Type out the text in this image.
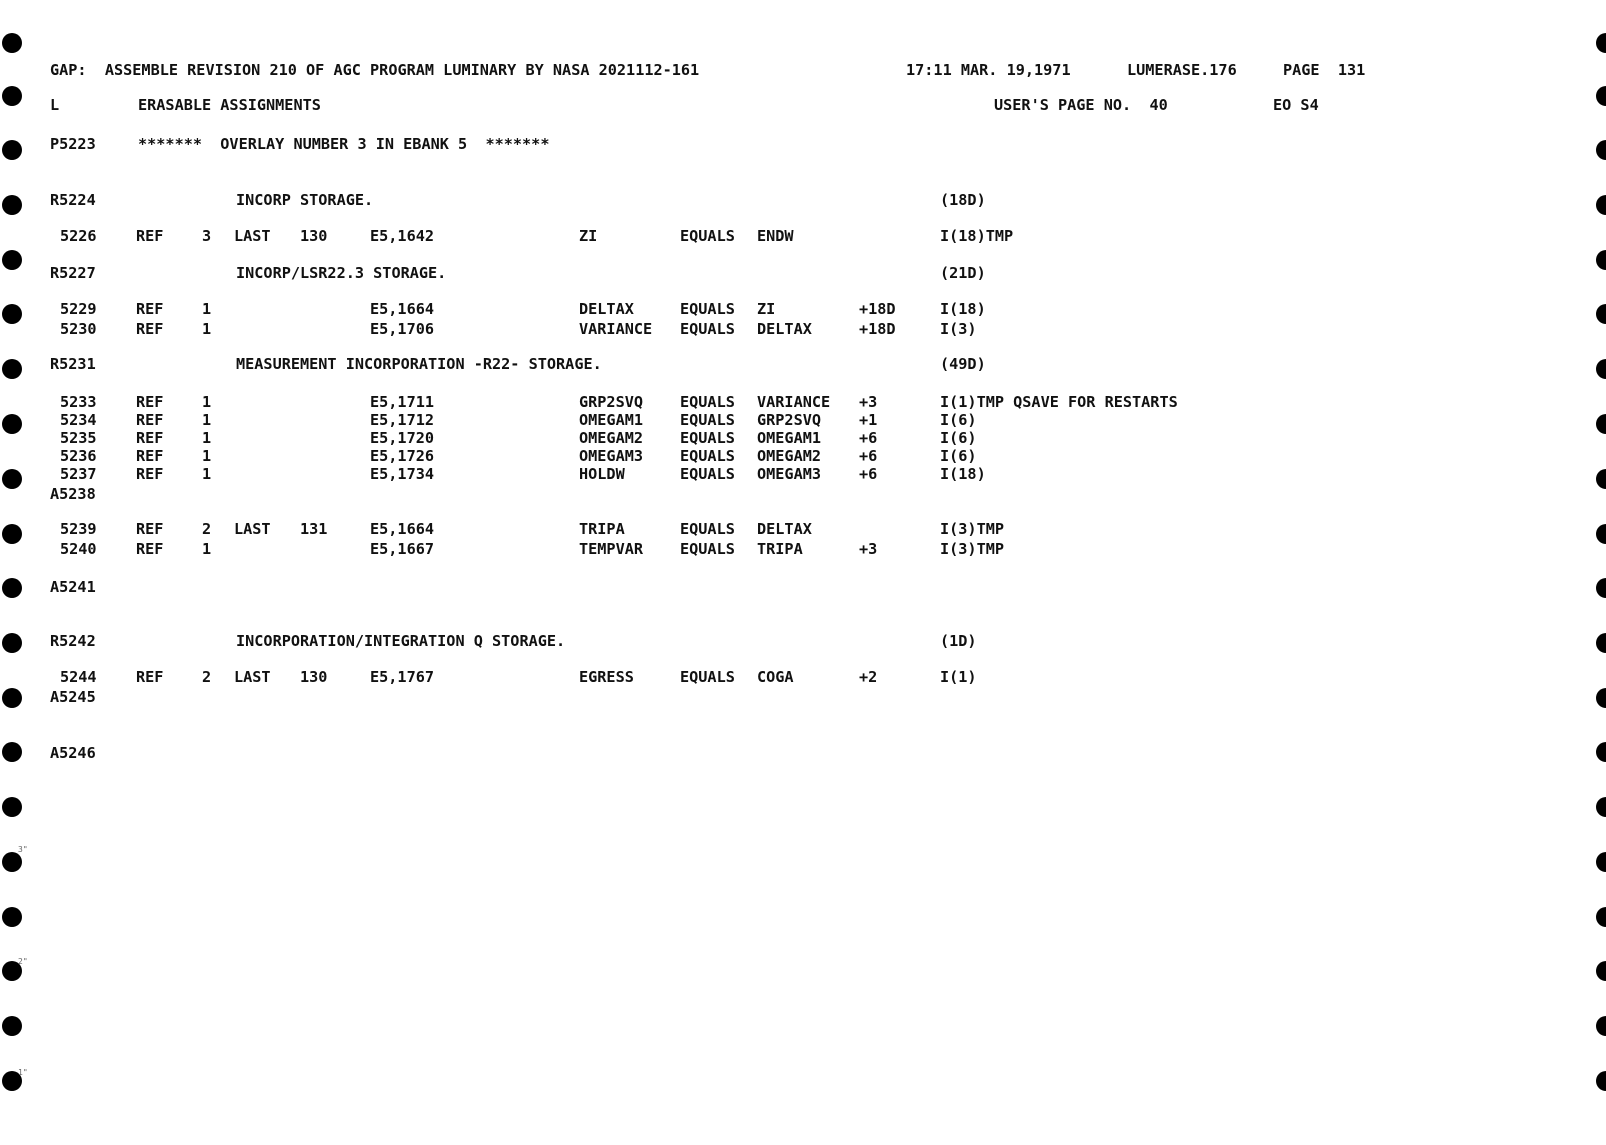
GAP:  ASSEMBLE REVISION 210 OF AGC PROGRAM LUMINARY BY NASA 2021112-161	17:11 MAR. 19,1971	LUMERASE.176	PAGE  131
L	ERASABLE ASSIGNMENTS	USER'S PAGE NO.  40	EO S4
P5223	*******  OVERLAY NUMBER 3 IN EBANK 5  *******
R5224	INCORP STORAGE.	(18D)
5226	REF	3 LAST 130	E5,1642	ZI	EQUALS ENDW	I(18)TMP
R5227	INCORP/LSR22.3 STORAGE.	(21D)
5229	REF	1	E5,1664	DELTAX	EQUALS ZI	+18D	I(18)
5230	REF	1	E5,1706	VARIANCE EQUALS DELTAX	+18D	I(3)
R5231	MEASUREMENT INCORPORATION -R22- STORAGE.	(49D)
5233	REF	1	E5,1711	GRP2SVQ EQUALS VARIANCE +3	I(1)TMP QSAVE FOR RESTARTS
5234	REF	1	E5,1712	OMEGAM1 EQUALS GRP2SVQ +1	I(6)
5235	REF	1	E5,1720	OMEGAM2 EQUALS OMEGAM1 +6	I(6)
5236	REF	1	E5,1726	OMEGAM3 EQUALS OMEGAM2 +6	I(6)
5237	REF	1	E5,1734	HOLDW	EQUALS OMEGAM3 +6	I(18)
A5238
5239	REF	2 LAST 131	E5,1664	TRIPA	EQUALS DELTAX	I(3)TMP
5240	REF	1	E5,1667	TEMPVAR EQUALS TRIPA	+3	I(3)TMP
A5241
R5242	INCORPORATION/INTEGRATION Q STORAGE.	(1D)
5244	REF	2 LAST 130	E5,1767	EGRESS	EQUALS COGA	+2	I(1)
A5245
A5246
3"
2"
1"
